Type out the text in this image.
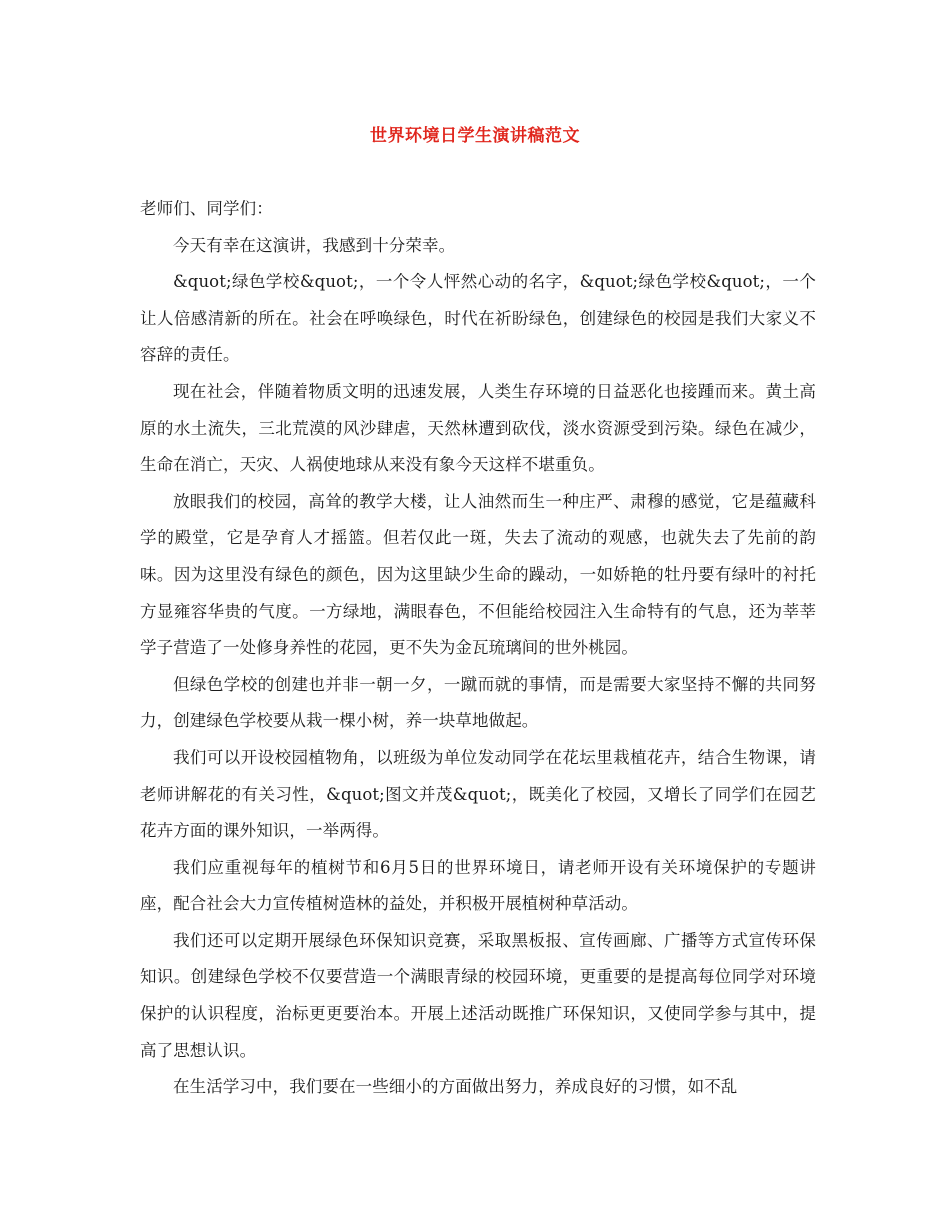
世界环境日学生演讲稿范文

老师们、同学们：

今天有幸在这演讲，我感到十分荣幸。

&quot;绿色学校&quot;，一个令人怦然心动的名字，&quot;绿色学校&quot;，一个让人倍感清新的所在。社会在呼唤绿色，时代在祈盼绿色，创建绿色的校园是我们大家义不容辞的责任。

现在社会，伴随着物质文明的迅速发展，人类生存环境的日益恶化也接踵而来。黄土高原的水土流失，三北荒漠的风沙肆虐，天然林遭到砍伐，淡水资源受到污染。绿色在减少，生命在消亡，天灾、人祸使地球从来没有象今天这样不堪重负。

放眼我们的校园，高耸的教学大楼，让人油然而生一种庄严、肃穆的感觉，它是蕴藏科学的殿堂，它是孕育人才摇篮。但若仅此一斑，失去了流动的观感，也就失去了先前的韵味。因为这里没有绿色的颜色，因为这里缺少生命的躁动，一如娇艳的牡丹要有绿叶的衬托方显雍容华贵的气度。一方绿地，满眼春色，不但能给校园注入生命特有的气息，还为莘莘学子营造了一处修身养性的花园，更不失为金瓦琉璃间的世外桃园。

但绿色学校的创建也并非一朝一夕，一蹴而就的事情，而是需要大家坚持不懈的共同努力，创建绿色学校要从栽一棵小树，养一块草地做起。

我们可以开设校园植物角，以班级为单位发动同学在花坛里栽植花卉，结合生物课，请老师讲解花的有关习性，&quot;图文并茂&quot;，既美化了校园，又增长了同学们在园艺花卉方面的课外知识，一举两得。

我们应重视每年的植树节和6月5日的世界环境日，请老师开设有关环境保护的专题讲座，配合社会大力宣传植树造林的益处，并积极开展植树种草活动。

我们还可以定期开展绿色环保知识竞赛，采取黑板报、宣传画廊、广播等方式宣传环保知识。创建绿色学校不仅要营造一个满眼青绿的校园环境，更重要的是提高每位同学对环境保护的认识程度，治标更更要治本。开展上述活动既推广环保知识，又使同学参与其中，提高了思想认识。

在生活学习中，我们要在一些细小的方面做出努力，养成良好的习惯，如不乱
